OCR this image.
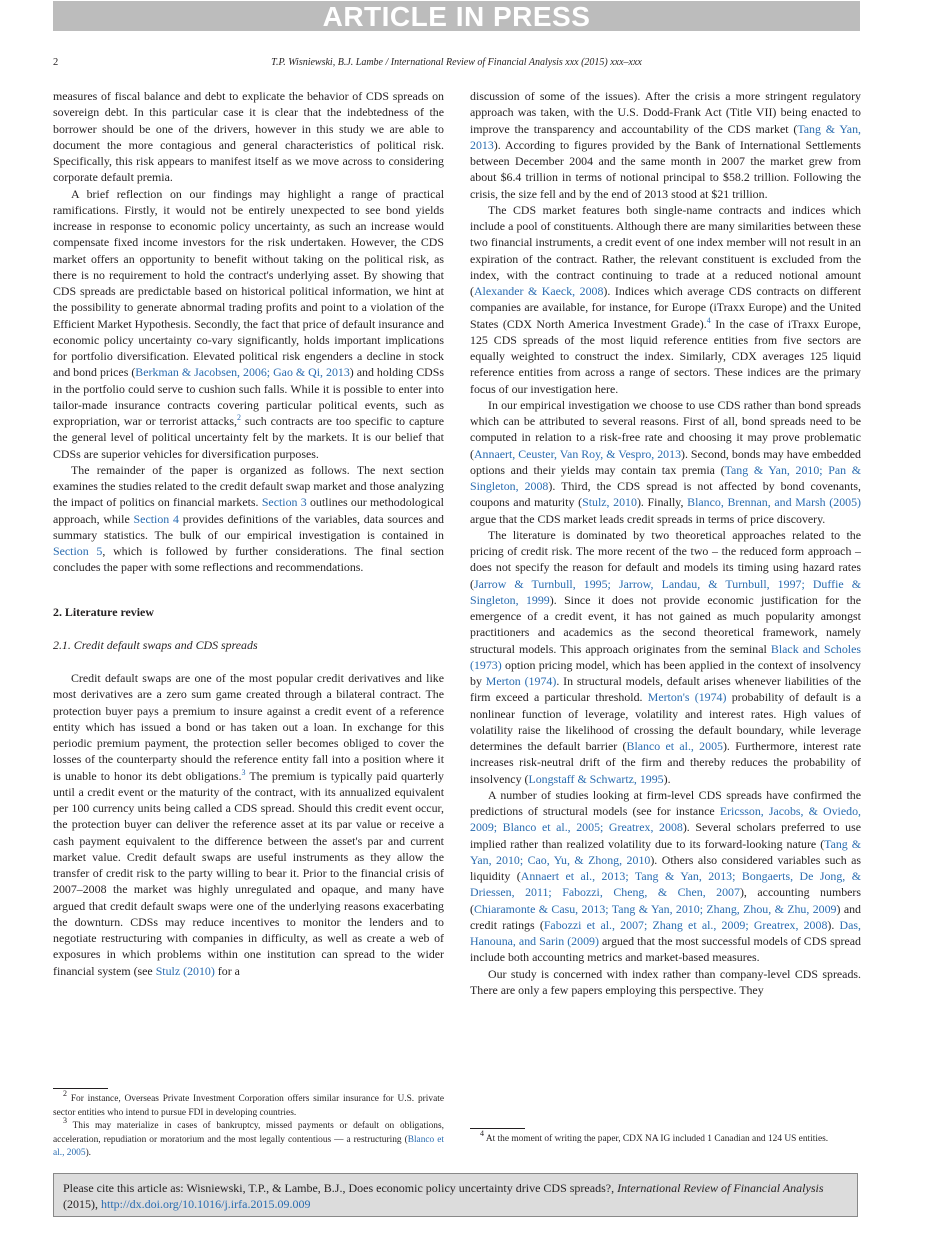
ARTICLE IN PRESS
2	T.P. Wisniewski, B.J. Lambe / International Review of Financial Analysis xxx (2015) xxx–xxx

measures of fiscal balance and debt to explicate the behavior of CDS spreads on sovereign debt. In this particular case it is clear that the indebtedness of the borrower should be one of the drivers, however in this study we are able to document the more contagious and general characteristics of political risk. Specifically, this risk appears to manifest itself as we move across to considering corporate default premia.

A brief reflection on our findings may highlight a range of practical ramifications. Firstly, it would not be entirely unexpected to see bond yields increase in response to economic policy uncertainty, as such an increase would compensate fixed income investors for the risk undertaken. However, the CDS market offers an opportunity to benefit without taking on the political risk, as there is no requirement to hold the contract's underlying asset. By showing that CDS spreads are predictable based on historical political information, we hint at the possibility to generate abnormal trading profits and point to a violation of the Efficient Market Hypothesis. Secondly, the fact that price of default insurance and economic policy uncertainty co-vary significantly, holds important implications for portfolio diversification. Elevated political risk engenders a decline in stock and bond prices (Berkman & Jacobsen, 2006; Gao & Qi, 2013) and holding CDSs in the portfolio could serve to cushion such falls. While it is possible to enter into tailor-made insurance contracts covering particular political events, such as expropriation, war or terrorist attacks,$^2$ such contracts are too specific to capture the general level of political uncertainty felt by the markets. It is our belief that CDSs are superior vehicles for diversification purposes.

The remainder of the paper is organized as follows. The next section examines the studies related to the credit default swap market and those analyzing the impact of politics on financial markets. Section 3 outlines our methodological approach, while Section 4 provides definitions of the variables, data sources and summary statistics. The bulk of our empirical investigation is contained in Section 5, which is followed by further considerations. The final section concludes the paper with some reflections and recommendations.

2. Literature review

2.1. Credit default swaps and CDS spreads

Credit default swaps are one of the most popular credit derivatives and like most derivatives are a zero sum game created through a bilateral contract. The protection buyer pays a premium to insure against a credit event of a reference entity which has issued a bond or has taken out a loan. In exchange for this periodic premium payment, the protection seller becomes obliged to cover the losses of the counterparty should the reference entity fall into a position where it is unable to honor its debt obligations.$^3$ The premium is typically paid quarterly until a credit event or the maturity of the contract, with its annualized equivalent per 100 currency units being called a CDS spread. Should this credit event occur, the protection buyer can deliver the reference asset at its par value or receive a cash payment equivalent to the difference between the asset's par and current market value. Credit default swaps are useful instruments as they allow the transfer of credit risk to the party willing to bear it. Prior to the financial crisis of 2007–2008 the market was highly unregulated and opaque, and many have argued that credit default swaps were one of the underlying reasons exacerbating the downturn. CDSs may reduce incentives to monitor the lenders and to negotiate restructuring with companies in difficulty, as well as create a web of exposures in which problems within one institution can spread to the wider financial system (see Stulz (2010) for a

$^2$ For instance, Overseas Private Investment Corporation offers similar insurance for U.S. private sector entities who intend to pursue FDI in developing countries.

$^3$ This may materialize in cases of bankruptcy, missed payments or default on obligations, acceleration, repudiation or moratorium and the most legally contentious — a restructuring (Blanco et al., 2005).

discussion of some of the issues). After the crisis a more stringent regulatory approach was taken, with the U.S. Dodd-Frank Act (Title VII) being enacted to improve the transparency and accountability of the CDS market (Tang & Yan, 2013). According to figures provided by the Bank of International Settlements between December 2004 and the same month in 2007 the market grew from about $6.4 trillion in terms of notional principal to $58.2 trillion. Following the crisis, the size fell and by the end of 2013 stood at $21 trillion.

The CDS market features both single-name contracts and indices which include a pool of constituents. Although there are many similarities between these two financial instruments, a credit event of one index member will not result in an expiration of the contract. Rather, the relevant constituent is excluded from the index, with the contract continuing to trade at a reduced notional amount (Alexander & Kaeck, 2008). Indices which average CDS contracts on different companies are available, for instance, for Europe (iTraxx Europe) and the United States (CDX North America Investment Grade).$^4$ In the case of iTraxx Europe, 125 CDS spreads of the most liquid reference entities from five sectors are equally weighted to construct the index. Similarly, CDX averages 125 liquid reference entities from across a range of sectors. These indices are the primary focus of our investigation here.

In our empirical investigation we choose to use CDS rather than bond spreads which can be attributed to several reasons. First of all, bond spreads need to be computed in relation to a risk-free rate and choosing it may prove problematic (Annaert, Ceuster, Van Roy, & Vespro, 2013). Second, bonds may have embedded options and their yields may contain tax premia (Tang & Yan, 2010; Pan & Singleton, 2008). Third, the CDS spread is not affected by bond covenants, coupons and maturity (Stulz, 2010). Finally, Blanco, Brennan, and Marsh (2005) argue that the CDS market leads credit spreads in terms of price discovery.

The literature is dominated by two theoretical approaches related to the pricing of credit risk. The more recent of the two – the reduced form approach – does not specify the reason for default and models its timing using hazard rates (Jarrow & Turnbull, 1995; Jarrow, Landau, & Turnbull, 1997; Duffie & Singleton, 1999). Since it does not provide economic justification for the emergence of a credit event, it has not gained as much popularity amongst practitioners and academics as the second theoretical framework, namely structural models. This approach originates from the seminal Black and Scholes (1973) option pricing model, which has been applied in the context of insolvency by Merton (1974). In structural models, default arises whenever liabilities of the firm exceed a particular threshold. Merton's (1974) probability of default is a nonlinear function of leverage, volatility and interest rates. High values of volatility raise the likelihood of crossing the default boundary, while leverage determines the default barrier (Blanco et al., 2005). Furthermore, interest rate increases risk-neutral drift of the firm and thereby reduces the probability of insolvency (Longstaff & Schwartz, 1995).

A number of studies looking at firm-level CDS spreads have confirmed the predictions of structural models (see for instance Ericsson, Jacobs, & Oviedo, 2009; Blanco et al., 2005; Greatrex, 2008). Several scholars preferred to use implied rather than realized volatility due to its forward-looking nature (Tang & Yan, 2010; Cao, Yu, & Zhong, 2010). Others also considered variables such as liquidity (Annaert et al., 2013; Tang & Yan, 2013; Bongaerts, De Jong, & Driessen, 2011; Fabozzi, Cheng, & Chen, 2007), accounting numbers (Chiaramonte & Casu, 2013; Tang & Yan, 2010; Zhang, Zhou, & Zhu, 2009) and credit ratings (Fabozzi et al., 2007; Zhang et al., 2009; Greatrex, 2008). Das, Hanouna, and Sarin (2009) argued that the most successful models of CDS spread include both accounting metrics and market-based measures.

Our study is concerned with index rather than company-level CDS spreads. There are only a few papers employing this perspective. They

$^4$ At the moment of writing the paper, CDX NA IG included 1 Canadian and 124 US entities.

Please cite this article as: Wisniewski, T.P., & Lambe, B.J., Does economic policy uncertainty drive CDS spreads?, International Review of Financial Analysis (2015), http://dx.doi.org/10.1016/j.irfa.2015.09.009
